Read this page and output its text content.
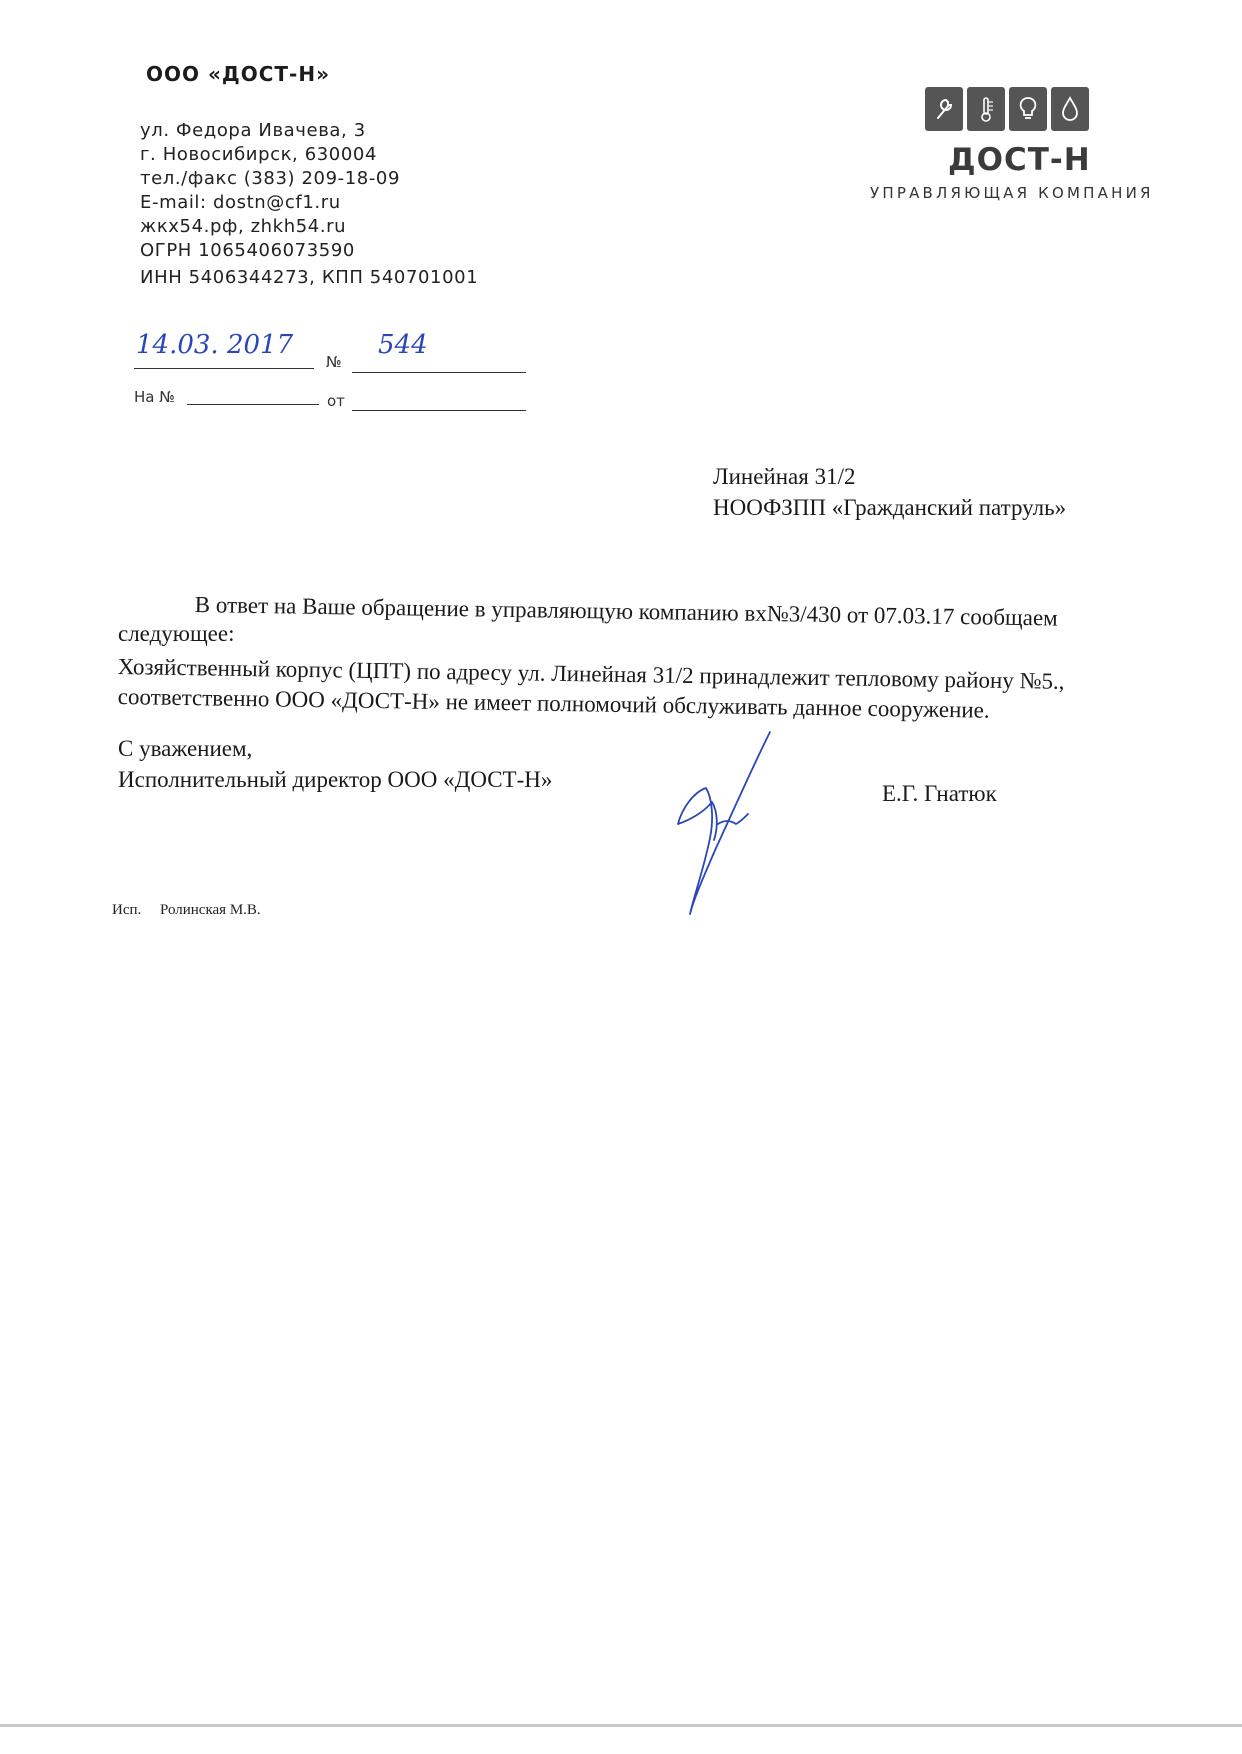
ООО «ДОСТ-Н»
ул. Федора Ивачева, 3
г. Новосибирск, 630004
тел./факс (383) 209-18-09
E-mail: dostn@cf1.ru
жкх54.рф, zhkh54.ru
ОГРН 1065406073590
ИНН 5406344273, КПП 540701001
ДОСТ-Н
УПРАВЛЯЮЩАЯ КОМПАНИЯ
14.03. 2017
№
544
На №	от
Линейная 31/2
НООФЗПП «Гражданский патруль»
В ответ на Ваше обращение в управляющую компанию вх№3/430 от 07.03.17 сообщаем
следующее:
Хозяйственный корпус (ЦПТ) по адресу ул. Линейная 31/2 принадлежит тепловому району №5.,
соответственно ООО «ДОСТ-Н» не имеет полномочий обслуживать данное сооружение.
С уважением,
Исполнительный директор ООО «ДОСТ-Н»
Е.Г. Гнатюк
Исп. Ролинская М.В.
